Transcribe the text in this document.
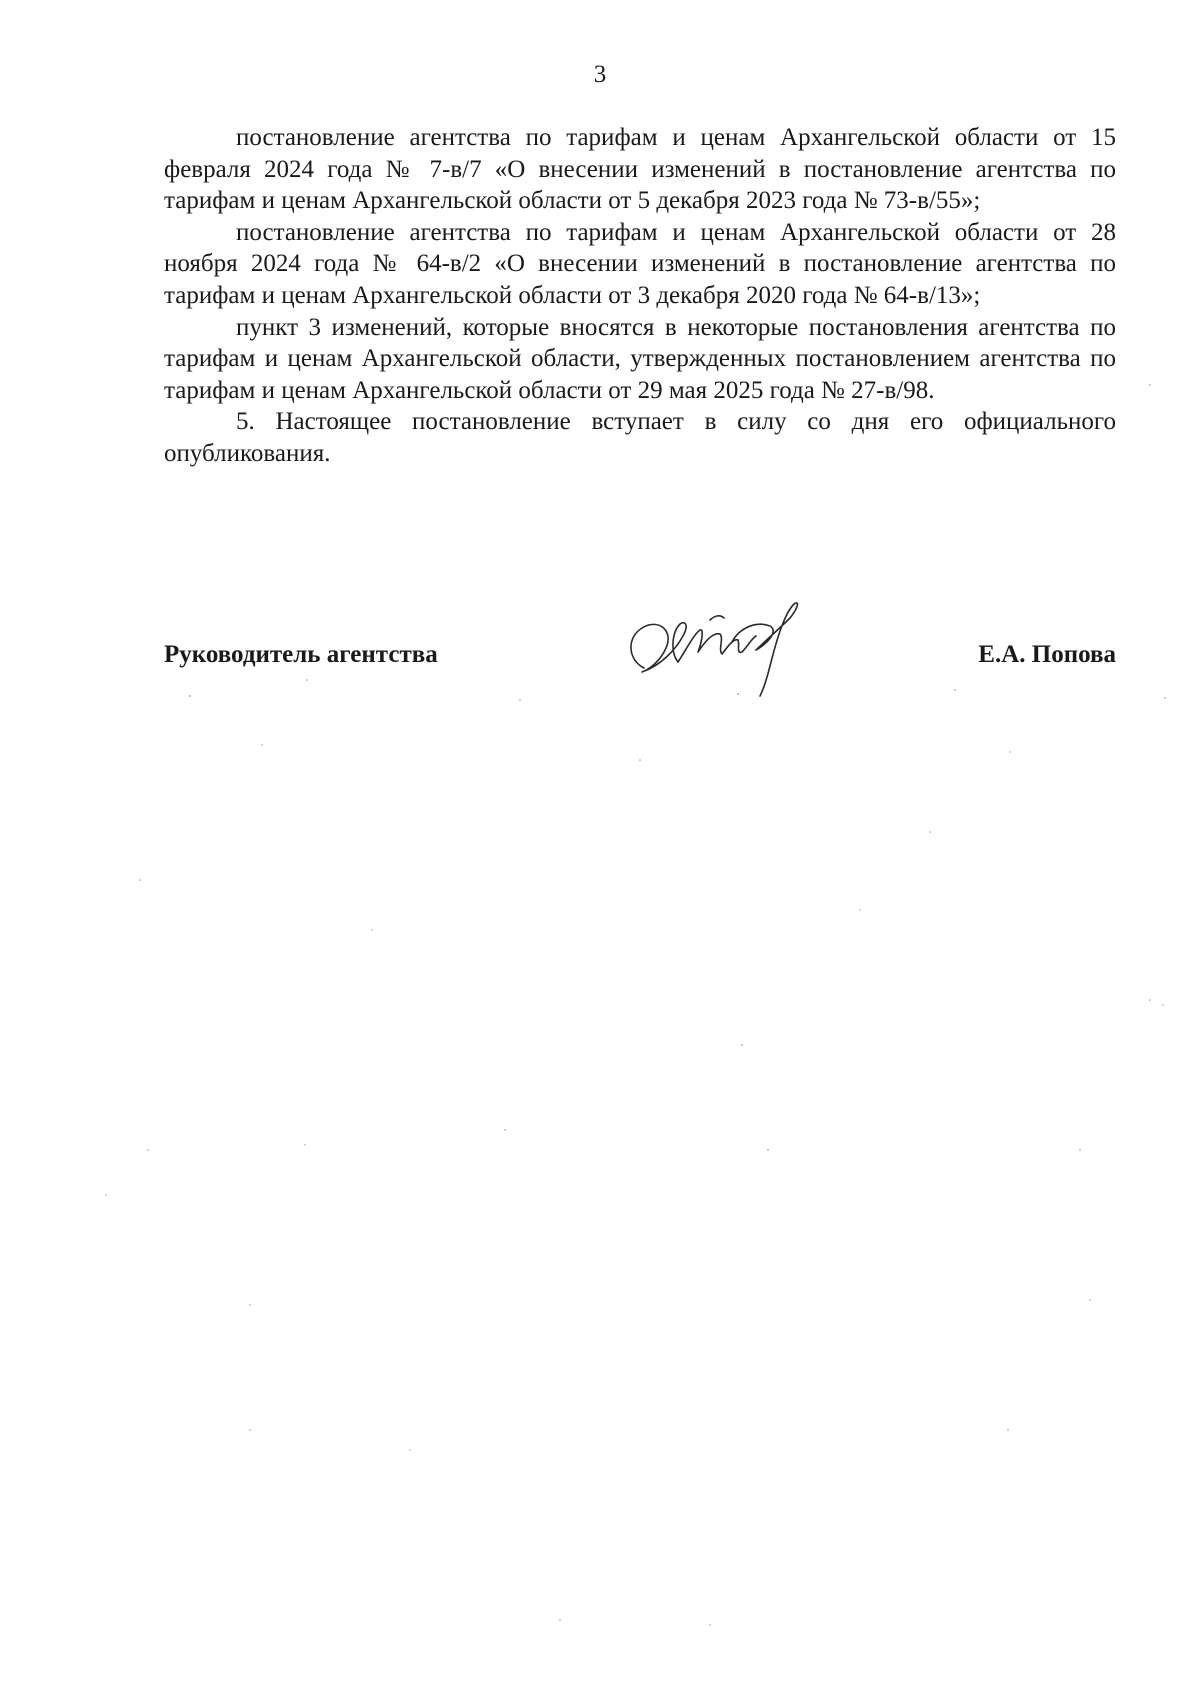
3

постановление агентства по тарифам и ценам Архангельской области от 15 февраля 2024 года № 7-в/7 «О внесении изменений в постановление агентства по тарифам и ценам Архангельской области от 5 декабря 2023 года № 73-в/55»;

постановление агентства по тарифам и ценам Архангельской области от 28 ноября 2024 года № 64-в/2 «О внесении изменений в постановление агентства по тарифам и ценам Архангельской области от 3 декабря 2020 года № 64-в/13»;

пункт 3 изменений, которые вносятся в некоторые постановления агентства по тарифам и ценам Архангельской области, утвержденных постановлением агентства по тарифам и ценам Архангельской области от 29 мая 2025 года № 27-в/98.

5. Настоящее постановление вступает в силу со дня его официального опубликования.

Руководитель агентства	Е.А. Попова
